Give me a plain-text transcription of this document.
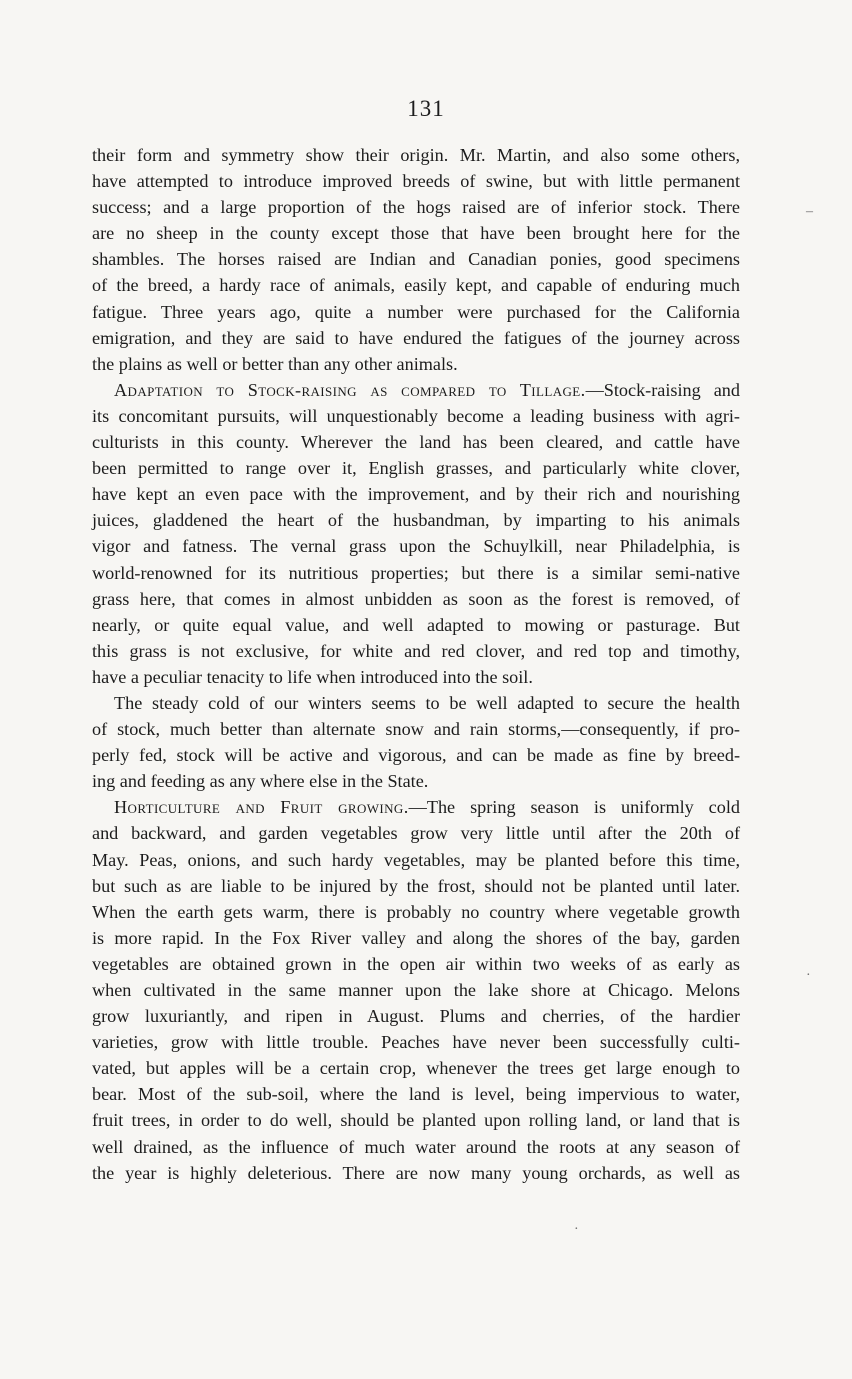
131

their form and symmetry show their origin. Mr. Martin, and also some others,
have attempted to introduce improved breeds of swine, but with little permanent
success; and a large proportion of the hogs raised are of inferior stock. There
are no sheep in the county except those that have been brought here for the
shambles. The horses raised are Indian and Canadian ponies, good specimens
of the breed, a hardy race of animals, easily kept, and capable of enduring much
fatigue. Three years ago, quite a number were purchased for the California
emigration, and they are said to have endured the fatigues of the journey across
the plains as well or better than any other animals.

Adaptation to Stock-raising as compared to Tillage.—Stock-raising and
its concomitant pursuits, will unquestionably become a leading business with agri-
culturists in this county. Wherever the land has been cleared, and cattle have
been permitted to range over it, English grasses, and particularly white clover,
have kept an even pace with the improvement, and by their rich and nourishing
juices, gladdened the heart of the husbandman, by imparting to his animals
vigor and fatness. The vernal grass upon the Schuylkill, near Philadelphia, is
world-renowned for its nutritious properties; but there is a similar semi-native
grass here, that comes in almost unbidden as soon as the forest is removed, of
nearly, or quite equal value, and well adapted to mowing or pasturage. But
this grass is not exclusive, for white and red clover, and red top and timothy,
have a peculiar tenacity to life when introduced into the soil.

The steady cold of our winters seems to be well adapted to secure the health
of stock, much better than alternate snow and rain storms,—consequently, if pro-
perly fed, stock will be active and vigorous, and can be made as fine by breed-
ing and feeding as any where else in the State.

Horticulture and Fruit growing.—The spring season is uniformly cold
and backward, and garden vegetables grow very little until after the 20th of
May. Peas, onions, and such hardy vegetables, may be planted before this time,
but such as are liable to be injured by the frost, should not be planted until later.
When the earth gets warm, there is probably no country where vegetable growth
is more rapid. In the Fox River valley and along the shores of the bay, garden
vegetables are obtained grown in the open air within two weeks of as early as
when cultivated in the same manner upon the lake shore at Chicago. Melons
grow luxuriantly, and ripen in August. Plums and cherries, of the hardier
varieties, grow with little trouble. Peaches have never been successfully culti-
vated, but apples will be a certain crop, whenever the trees get large enough to
bear. Most of the sub-soil, where the land is level, being impervious to water,
fruit trees, in order to do well, should be planted upon rolling land, or land that is
well drained, as the influence of much water around the roots at any season of
the year is highly deleterious. There are now many young orchards, as well as

–
·
·
